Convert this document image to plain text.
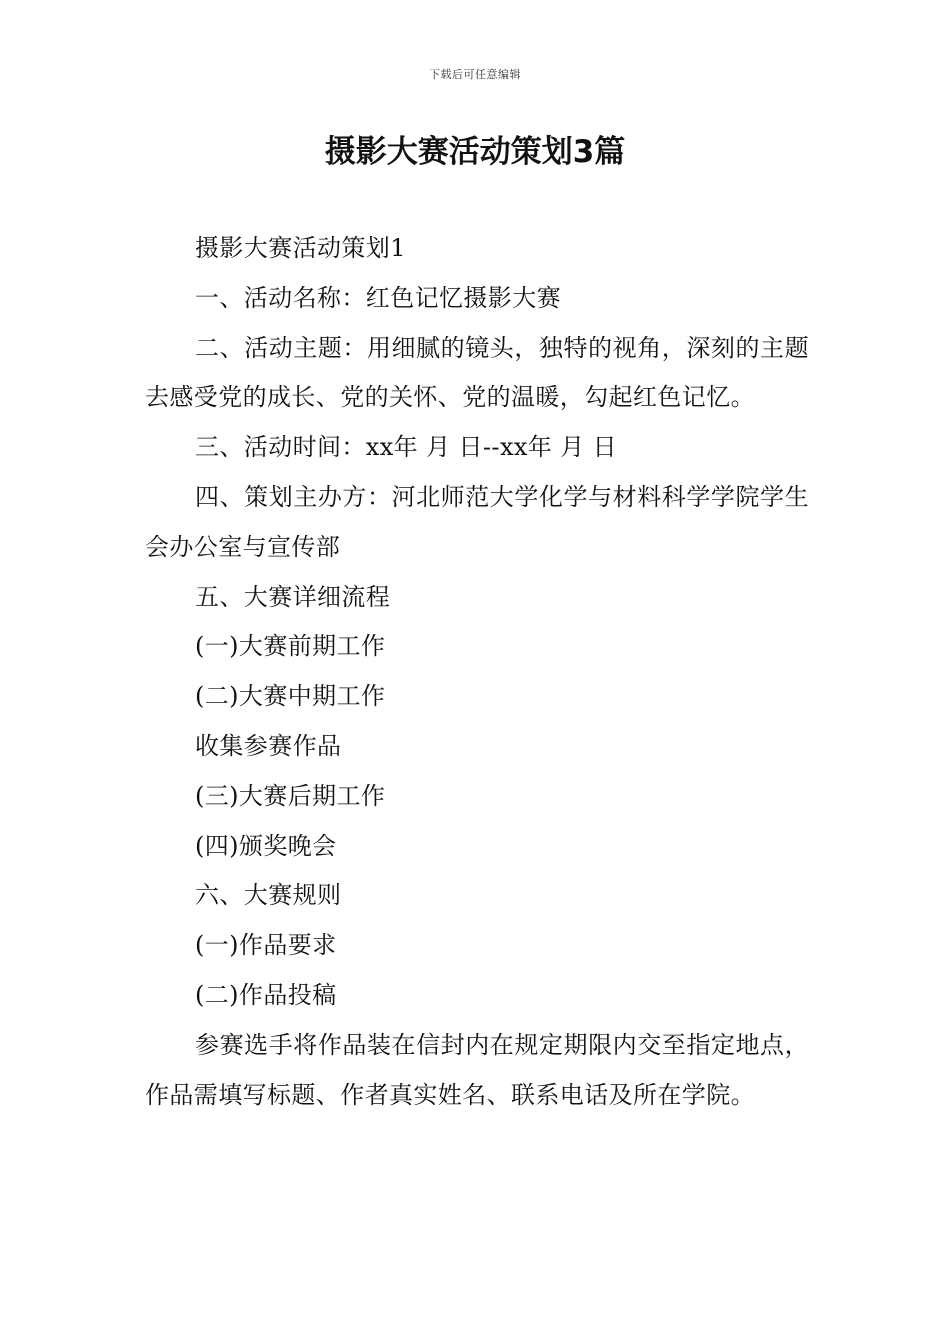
下载后可任意编辑
摄影大赛活动策划3篇

摄影大赛活动策划1

一、活动名称：红色记忆摄影大赛

二、活动主题：用细腻的镜头，独特的视角，深刻的主题去感受党的成长、党的关怀、党的温暖，勾起红色记忆。

三、活动时间：xx年 月 日--xx年 月 日

四、策划主办方：河北师范大学化学与材料科学学院学生会办公室与宣传部

五、大赛详细流程

(一)大赛前期工作

(二)大赛中期工作

收集参赛作品

(三)大赛后期工作

(四)颁奖晚会

六、大赛规则

(一)作品要求

(二)作品投稿

参赛选手将作品装在信封内在规定期限内交至指定地点，作品需填写标题、作者真实姓名、联系电话及所在学院。
